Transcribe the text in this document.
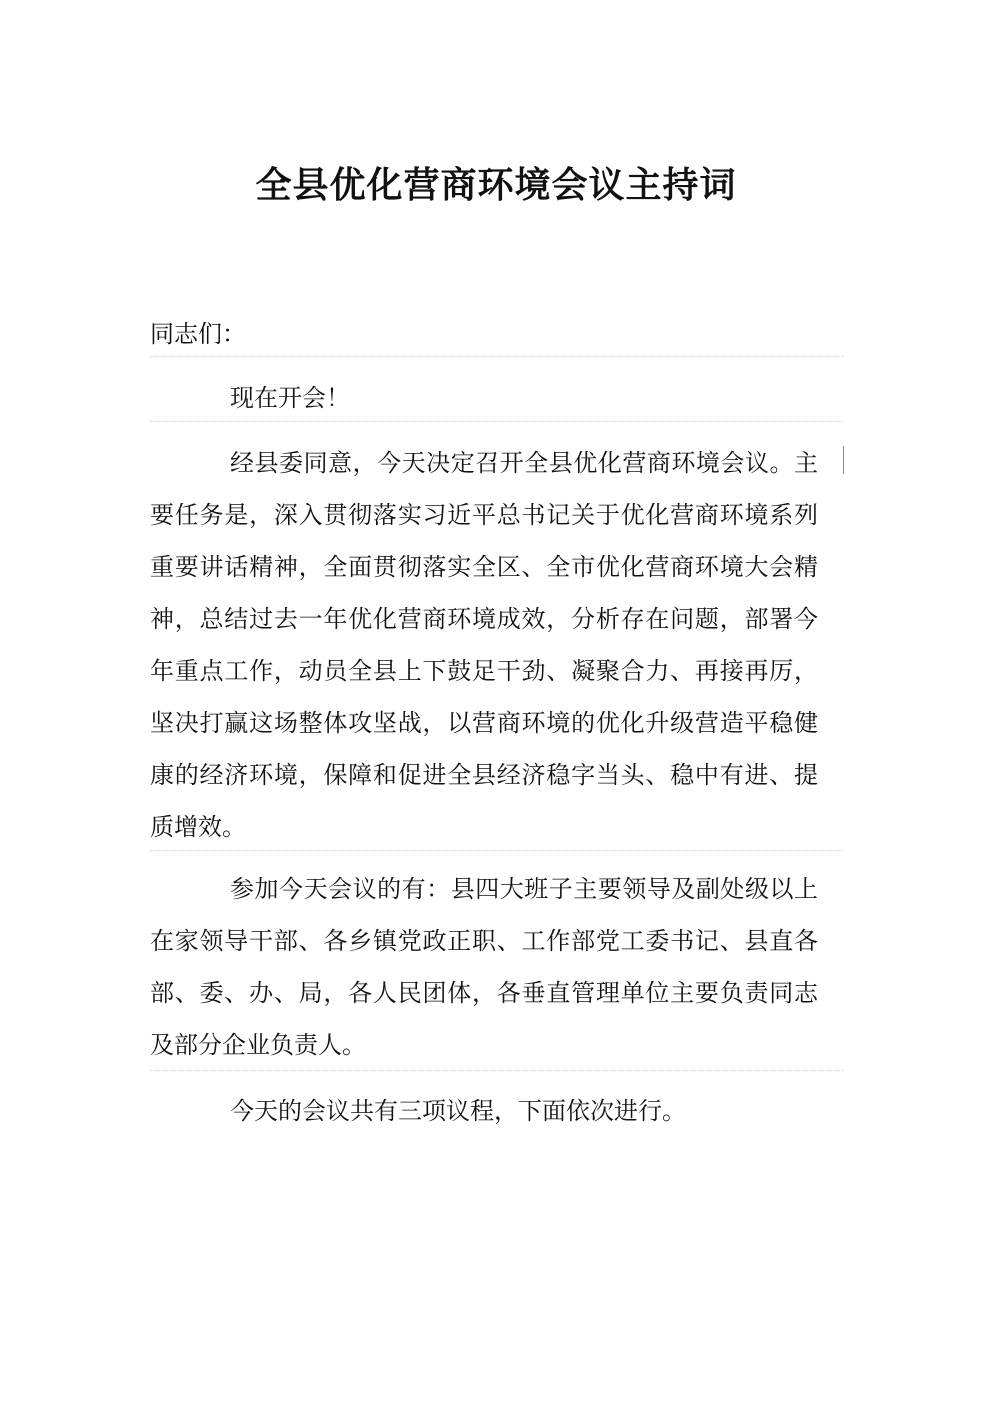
全县优化营商环境会议主持词

同志们：

现在开会！

经县委同意，今天决定召开全县优化营商环境会议。主要任务是，深入贯彻落实习近平总书记关于优化营商环境系列重要讲话精神，全面贯彻落实全区、全市优化营商环境大会精神，总结过去一年优化营商环境成效，分析存在问题，部署今年重点工作，动员全县上下鼓足干劲、凝聚合力、再接再厉，坚决打赢这场整体攻坚战，以营商环境的优化升级营造平稳健康的经济环境，保障和促进全县经济稳字当头、稳中有进、提质增效。

参加今天会议的有：县四大班子主要领导及副处级以上在家领导干部、各乡镇党政正职、工作部党工委书记、县直各部、委、办、局，各人民团体，各垂直管理单位主要负责同志及部分企业负责人。

今天的会议共有三项议程，下面依次进行。
